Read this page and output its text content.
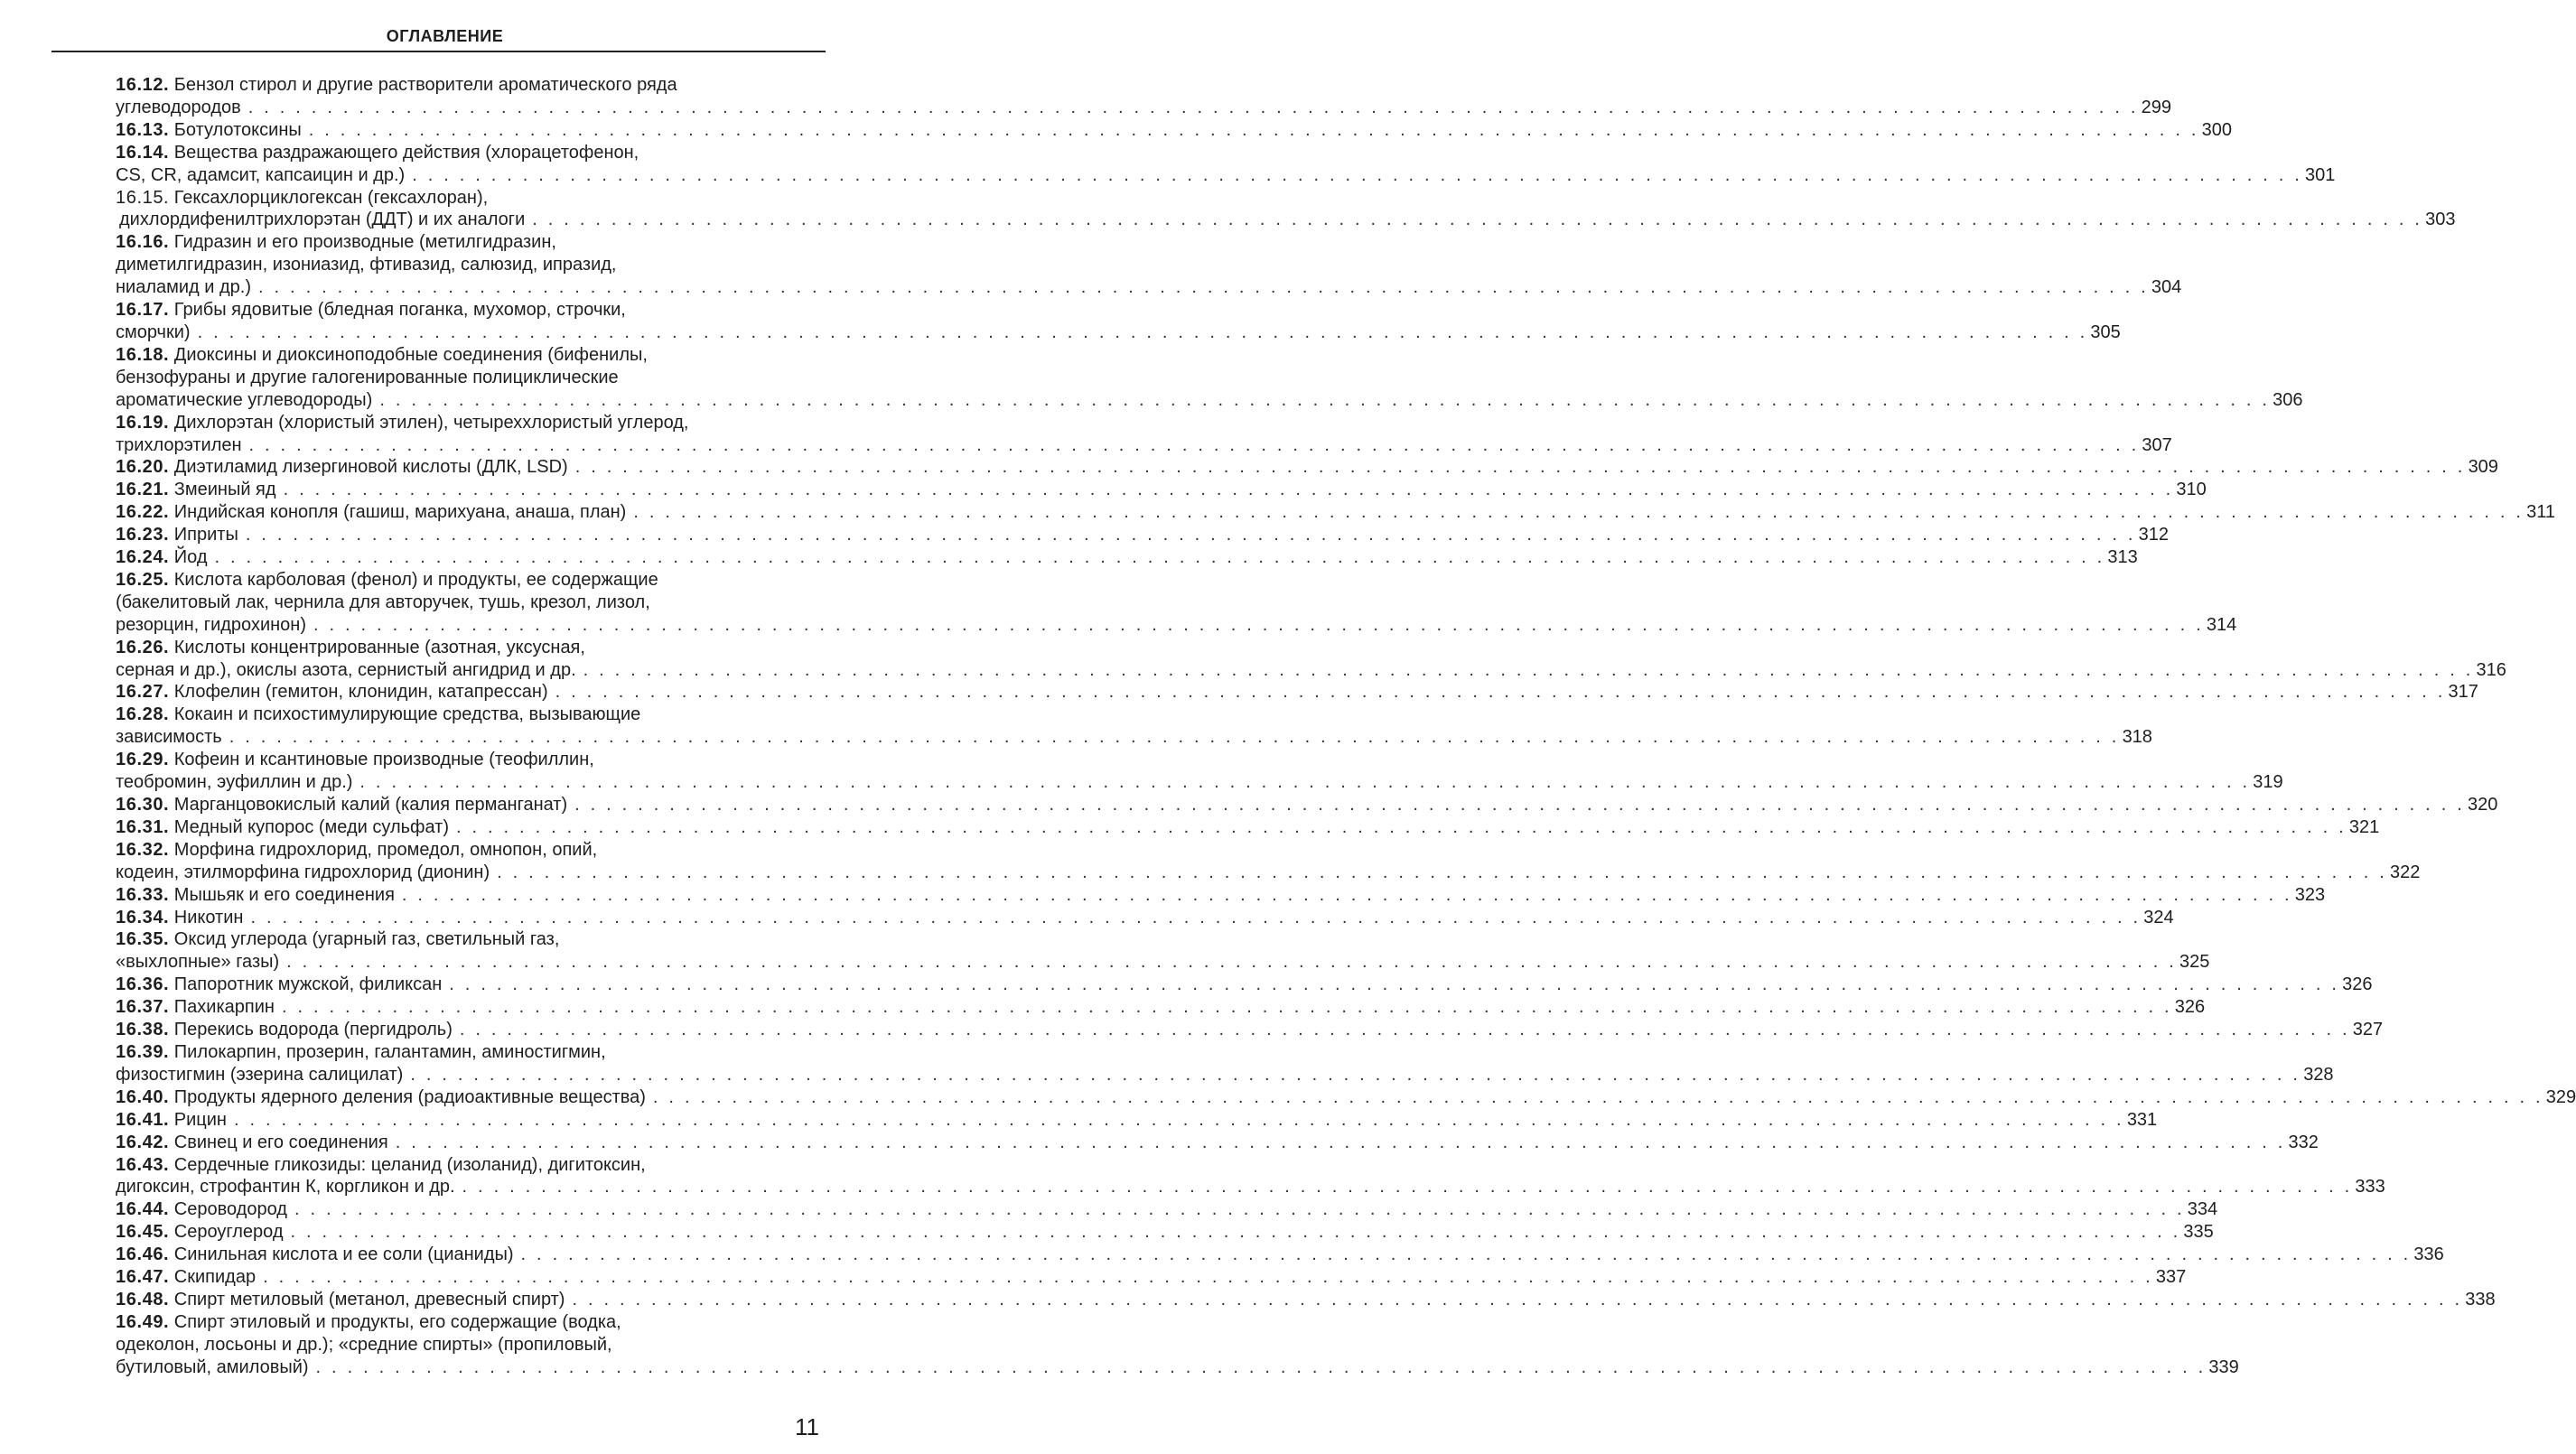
ОГЛАВЛЕНИЕ
16.12. Бензол стирол и другие растворители ароматического ряда
углеводородов . . . . . . . . . . . . . . . . . . . . . . . . . . . . . . . . . . . . . . . . . . . . . . . . . . . . . . . . . . . . . . . . . . . . . . . . . . . . . . . . . . . . . . . . . . . . . . . . . . . . . . . . . . . . . . . . . . . . . . . . 299
16.13. Ботулотоксины . . . . . . . . . . . . . . . . . . . . . . . . . . . . . . . . . . . . . . . . . . . . . . . . . . . . . . . . . . . . . . . . . . . . . . . . . . . . . . . . . . . . . . . . . . . . . . . . . . . . . . . . . . . . . . . . . . . . . . . . 300
16.14. Вещества раздражающего действия (хлорацетофенон,
CS, CR, адамсит, капсаицин и др.) . . . . . . . . . . . . . . . . . . . . . . . . . . . . . . . . . . . . . . . . . . . . . . . . . . . . . . . . . . . . . . . . . . . . . . . . . . . . . . . . . . . . . . . . . . . . . . . . . . . . . . . . . . . . . . . . . . . . . . . . 301
16.15. Гексахлорциклогексан (гексахлоран),
дихлордифенилтрихлорэтан (ДДТ) и их аналоги . . . . . . . . . . . . . . . . . . . . . . . . . . . . . . . . . . . . . . . . . . . . . . . . . . . . . . . . . . . . . . . . . . . . . . . . . . . . . . . . . . . . . . . . . . . . . . . . . . . . . . . . . . . . . . . . . . . . . . . . 303
16.16. Гидразин и его производные (метилгидразин,
диметилгидразин, изониазид, фтивазид, салюзид, ипразид,
ниаламид и др.) . . . . . . . . . . . . . . . . . . . . . . . . . . . . . . . . . . . . . . . . . . . . . . . . . . . . . . . . . . . . . . . . . . . . . . . . . . . . . . . . . . . . . . . . . . . . . . . . . . . . . . . . . . . . . . . . . . . . . . . . 304
16.17. Грибы ядовитые (бледная поганка, мухомор, строчки,
сморчки) . . . . . . . . . . . . . . . . . . . . . . . . . . . . . . . . . . . . . . . . . . . . . . . . . . . . . . . . . . . . . . . . . . . . . . . . . . . . . . . . . . . . . . . . . . . . . . . . . . . . . . . . . . . . . . . . . . . . . . . . 305
16.18. Диоксины и диоксиноподобные соединения (бифенилы,
бензофураны и другие галогенированные полициклические
ароматические углеводороды) . . . . . . . . . . . . . . . . . . . . . . . . . . . . . . . . . . . . . . . . . . . . . . . . . . . . . . . . . . . . . . . . . . . . . . . . . . . . . . . . . . . . . . . . . . . . . . . . . . . . . . . . . . . . . . . . . . . . . . . . 306
16.19. Дихлорэтан (хлористый этилен), четыреххлористый углерод,
трихлорэтилен . . . . . . . . . . . . . . . . . . . . . . . . . . . . . . . . . . . . . . . . . . . . . . . . . . . . . . . . . . . . . . . . . . . . . . . . . . . . . . . . . . . . . . . . . . . . . . . . . . . . . . . . . . . . . . . . . . . . . . . . 307
16.20. Диэтиламид лизергиновой кислоты (ДЛК, LSD) . . . . . . . . . . . . . . . . . . . . . . . . . . . . . . . . . . . . . . . . . . . . . . . . . . . . . . . . . . . . . . . . . . . . . . . . . . . . . . . . . . . . . . . . . . . . . . . . . . . . . . . . . . . . . . . . . . . . . . . . 309
16.21. Змеиный яд . . . . . . . . . . . . . . . . . . . . . . . . . . . . . . . . . . . . . . . . . . . . . . . . . . . . . . . . . . . . . . . . . . . . . . . . . . . . . . . . . . . . . . . . . . . . . . . . . . . . . . . . . . . . . . . . . . . . . . . . 310
16.22. Индийская конопля (гашиш, марихуана, анаша, план) . . . . . . . . . . . . . . . . . . . . . . . . . . . . . . . . . . . . . . . . . . . . . . . . . . . . . . . . . . . . . . . . . . . . . . . . . . . . . . . . . . . . . . . . . . . . . . . . . . . . . . . . . . . . . . . . . . . . . . . . 311
16.23. Иприты . . . . . . . . . . . . . . . . . . . . . . . . . . . . . . . . . . . . . . . . . . . . . . . . . . . . . . . . . . . . . . . . . . . . . . . . . . . . . . . . . . . . . . . . . . . . . . . . . . . . . . . . . . . . . . . . . . . . . . . . 312
16.24. Йод . . . . . . . . . . . . . . . . . . . . . . . . . . . . . . . . . . . . . . . . . . . . . . . . . . . . . . . . . . . . . . . . . . . . . . . . . . . . . . . . . . . . . . . . . . . . . . . . . . . . . . . . . . . . . . . . . . . . . . . . 313
16.25. Кислота карболовая (фенол) и продукты, ее содержащие
(бакелитовый лак, чернила для авторучек, тушь, крезол, лизол,
резорцин, гидрохинон) . . . . . . . . . . . . . . . . . . . . . . . . . . . . . . . . . . . . . . . . . . . . . . . . . . . . . . . . . . . . . . . . . . . . . . . . . . . . . . . . . . . . . . . . . . . . . . . . . . . . . . . . . . . . . . . . . . . . . . . . 314
16.26. Кислоты концентрированные (азотная, уксусная,
серная и др.), окислы азота, сернистый ангидрид и др. . . . . . . . . . . . . . . . . . . . . . . . . . . . . . . . . . . . . . . . . . . . . . . . . . . . . . . . . . . . . . . . . . . . . . . . . . . . . . . . . . . . . . . . . . . . . . . . . . . . . . . . . . . . . . . . . . . . . . . . . 316
16.27. Клофелин (гемитон, клонидин, катапрессан) . . . . . . . . . . . . . . . . . . . . . . . . . . . . . . . . . . . . . . . . . . . . . . . . . . . . . . . . . . . . . . . . . . . . . . . . . . . . . . . . . . . . . . . . . . . . . . . . . . . . . . . . . . . . . . . . . . . . . . . . 317
16.28. Кокаин и психостимулирующие средства, вызывающие
зависимость . . . . . . . . . . . . . . . . . . . . . . . . . . . . . . . . . . . . . . . . . . . . . . . . . . . . . . . . . . . . . . . . . . . . . . . . . . . . . . . . . . . . . . . . . . . . . . . . . . . . . . . . . . . . . . . . . . . . . . . . 318
16.29. Кофеин и ксантиновые производные (теофиллин,
теобромин, эуфиллин и др.) . . . . . . . . . . . . . . . . . . . . . . . . . . . . . . . . . . . . . . . . . . . . . . . . . . . . . . . . . . . . . . . . . . . . . . . . . . . . . . . . . . . . . . . . . . . . . . . . . . . . . . . . . . . . . . . . . . . . . . . . 319
16.30. Марганцовокислый калий (калия перманганат) . . . . . . . . . . . . . . . . . . . . . . . . . . . . . . . . . . . . . . . . . . . . . . . . . . . . . . . . . . . . . . . . . . . . . . . . . . . . . . . . . . . . . . . . . . . . . . . . . . . . . . . . . . . . . . . . . . . . . . . . 320
16.31. Медный купорос (меди сульфат) . . . . . . . . . . . . . . . . . . . . . . . . . . . . . . . . . . . . . . . . . . . . . . . . . . . . . . . . . . . . . . . . . . . . . . . . . . . . . . . . . . . . . . . . . . . . . . . . . . . . . . . . . . . . . . . . . . . . . . . . 321
16.32. Морфина гидрохлорид, промедол, омнопон, опий,
кодеин, этилморфина гидрохлорид (дионин) . . . . . . . . . . . . . . . . . . . . . . . . . . . . . . . . . . . . . . . . . . . . . . . . . . . . . . . . . . . . . . . . . . . . . . . . . . . . . . . . . . . . . . . . . . . . . . . . . . . . . . . . . . . . . . . . . . . . . . . . 322
16.33. Мышьяк и его соединения . . . . . . . . . . . . . . . . . . . . . . . . . . . . . . . . . . . . . . . . . . . . . . . . . . . . . . . . . . . . . . . . . . . . . . . . . . . . . . . . . . . . . . . . . . . . . . . . . . . . . . . . . . . . . . . . . . . . . . . . 323
16.34. Никотин . . . . . . . . . . . . . . . . . . . . . . . . . . . . . . . . . . . . . . . . . . . . . . . . . . . . . . . . . . . . . . . . . . . . . . . . . . . . . . . . . . . . . . . . . . . . . . . . . . . . . . . . . . . . . . . . . . . . . . . . 324
16.35. Оксид углерода (угарный газ, светильный газ,
«выхлопные» газы) . . . . . . . . . . . . . . . . . . . . . . . . . . . . . . . . . . . . . . . . . . . . . . . . . . . . . . . . . . . . . . . . . . . . . . . . . . . . . . . . . . . . . . . . . . . . . . . . . . . . . . . . . . . . . . . . . . . . . . . . 325
16.36. Папоротник мужской, филиксан . . . . . . . . . . . . . . . . . . . . . . . . . . . . . . . . . . . . . . . . . . . . . . . . . . . . . . . . . . . . . . . . . . . . . . . . . . . . . . . . . . . . . . . . . . . . . . . . . . . . . . . . . . . . . . . . . . . . . . . . 326
16.37. Пахикарпин . . . . . . . . . . . . . . . . . . . . . . . . . . . . . . . . . . . . . . . . . . . . . . . . . . . . . . . . . . . . . . . . . . . . . . . . . . . . . . . . . . . . . . . . . . . . . . . . . . . . . . . . . . . . . . . . . . . . . . . . 326
16.38. Перекись водорода (пергидроль) . . . . . . . . . . . . . . . . . . . . . . . . . . . . . . . . . . . . . . . . . . . . . . . . . . . . . . . . . . . . . . . . . . . . . . . . . . . . . . . . . . . . . . . . . . . . . . . . . . . . . . . . . . . . . . . . . . . . . . . . 327
16.39. Пилокарпин, прозерин, галантамин, аминостигмин,
физостигмин (эзерина салицилат) . . . . . . . . . . . . . . . . . . . . . . . . . . . . . . . . . . . . . . . . . . . . . . . . . . . . . . . . . . . . . . . . . . . . . . . . . . . . . . . . . . . . . . . . . . . . . . . . . . . . . . . . . . . . . . . . . . . . . . . . 328
16.40. Продукты ядерного деления (радиоактивные вещества) . . . . . . . . . . . . . . . . . . . . . . . . . . . . . . . . . . . . . . . . . . . . . . . . . . . . . . . . . . . . . . . . . . . . . . . . . . . . . . . . . . . . . . . . . . . . . . . . . . . . . . . . . . . . . . . . . . . . . . . . 329
16.41. Рицин . . . . . . . . . . . . . . . . . . . . . . . . . . . . . . . . . . . . . . . . . . . . . . . . . . . . . . . . . . . . . . . . . . . . . . . . . . . . . . . . . . . . . . . . . . . . . . . . . . . . . . . . . . . . . . . . . . . . . . . . 331
16.42. Свинец и его соединения . . . . . . . . . . . . . . . . . . . . . . . . . . . . . . . . . . . . . . . . . . . . . . . . . . . . . . . . . . . . . . . . . . . . . . . . . . . . . . . . . . . . . . . . . . . . . . . . . . . . . . . . . . . . . . . . . . . . . . . . 332
16.43. Сердечные гликозиды: целанид (изоланид), дигитоксин,
дигоксин, строфантин К, коргликон и др. . . . . . . . . . . . . . . . . . . . . . . . . . . . . . . . . . . . . . . . . . . . . . . . . . . . . . . . . . . . . . . . . . . . . . . . . . . . . . . . . . . . . . . . . . . . . . . . . . . . . . . . . . . . . . . . . . . . . . . . . 333
16.44. Сероводород . . . . . . . . . . . . . . . . . . . . . . . . . . . . . . . . . . . . . . . . . . . . . . . . . . . . . . . . . . . . . . . . . . . . . . . . . . . . . . . . . . . . . . . . . . . . . . . . . . . . . . . . . . . . . . . . . . . . . . . . 334
16.45. Сероуглерод . . . . . . . . . . . . . . . . . . . . . . . . . . . . . . . . . . . . . . . . . . . . . . . . . . . . . . . . . . . . . . . . . . . . . . . . . . . . . . . . . . . . . . . . . . . . . . . . . . . . . . . . . . . . . . . . . . . . . . . . 335
16.46. Синильная кислота и ее соли (цианиды) . . . . . . . . . . . . . . . . . . . . . . . . . . . . . . . . . . . . . . . . . . . . . . . . . . . . . . . . . . . . . . . . . . . . . . . . . . . . . . . . . . . . . . . . . . . . . . . . . . . . . . . . . . . . . . . . . . . . . . . . 336
16.47. Скипидар . . . . . . . . . . . . . . . . . . . . . . . . . . . . . . . . . . . . . . . . . . . . . . . . . . . . . . . . . . . . . . . . . . . . . . . . . . . . . . . . . . . . . . . . . . . . . . . . . . . . . . . . . . . . . . . . . . . . . . . . 337
16.48. Спирт метиловый (метанол, древесный спирт) . . . . . . . . . . . . . . . . . . . . . . . . . . . . . . . . . . . . . . . . . . . . . . . . . . . . . . . . . . . . . . . . . . . . . . . . . . . . . . . . . . . . . . . . . . . . . . . . . . . . . . . . . . . . . . . . . . . . . . . . 338
16.49. Спирт этиловый и продукты, его содержащие (водка,
одеколон, лосьоны и др.); «средние спирты» (пропиловый,
бутиловый, амиловый) . . . . . . . . . . . . . . . . . . . . . . . . . . . . . . . . . . . . . . . . . . . . . . . . . . . . . . . . . . . . . . . . . . . . . . . . . . . . . . . . . . . . . . . . . . . . . . . . . . . . . . . . . . . . . . . . . . . . . . . . 339
11
